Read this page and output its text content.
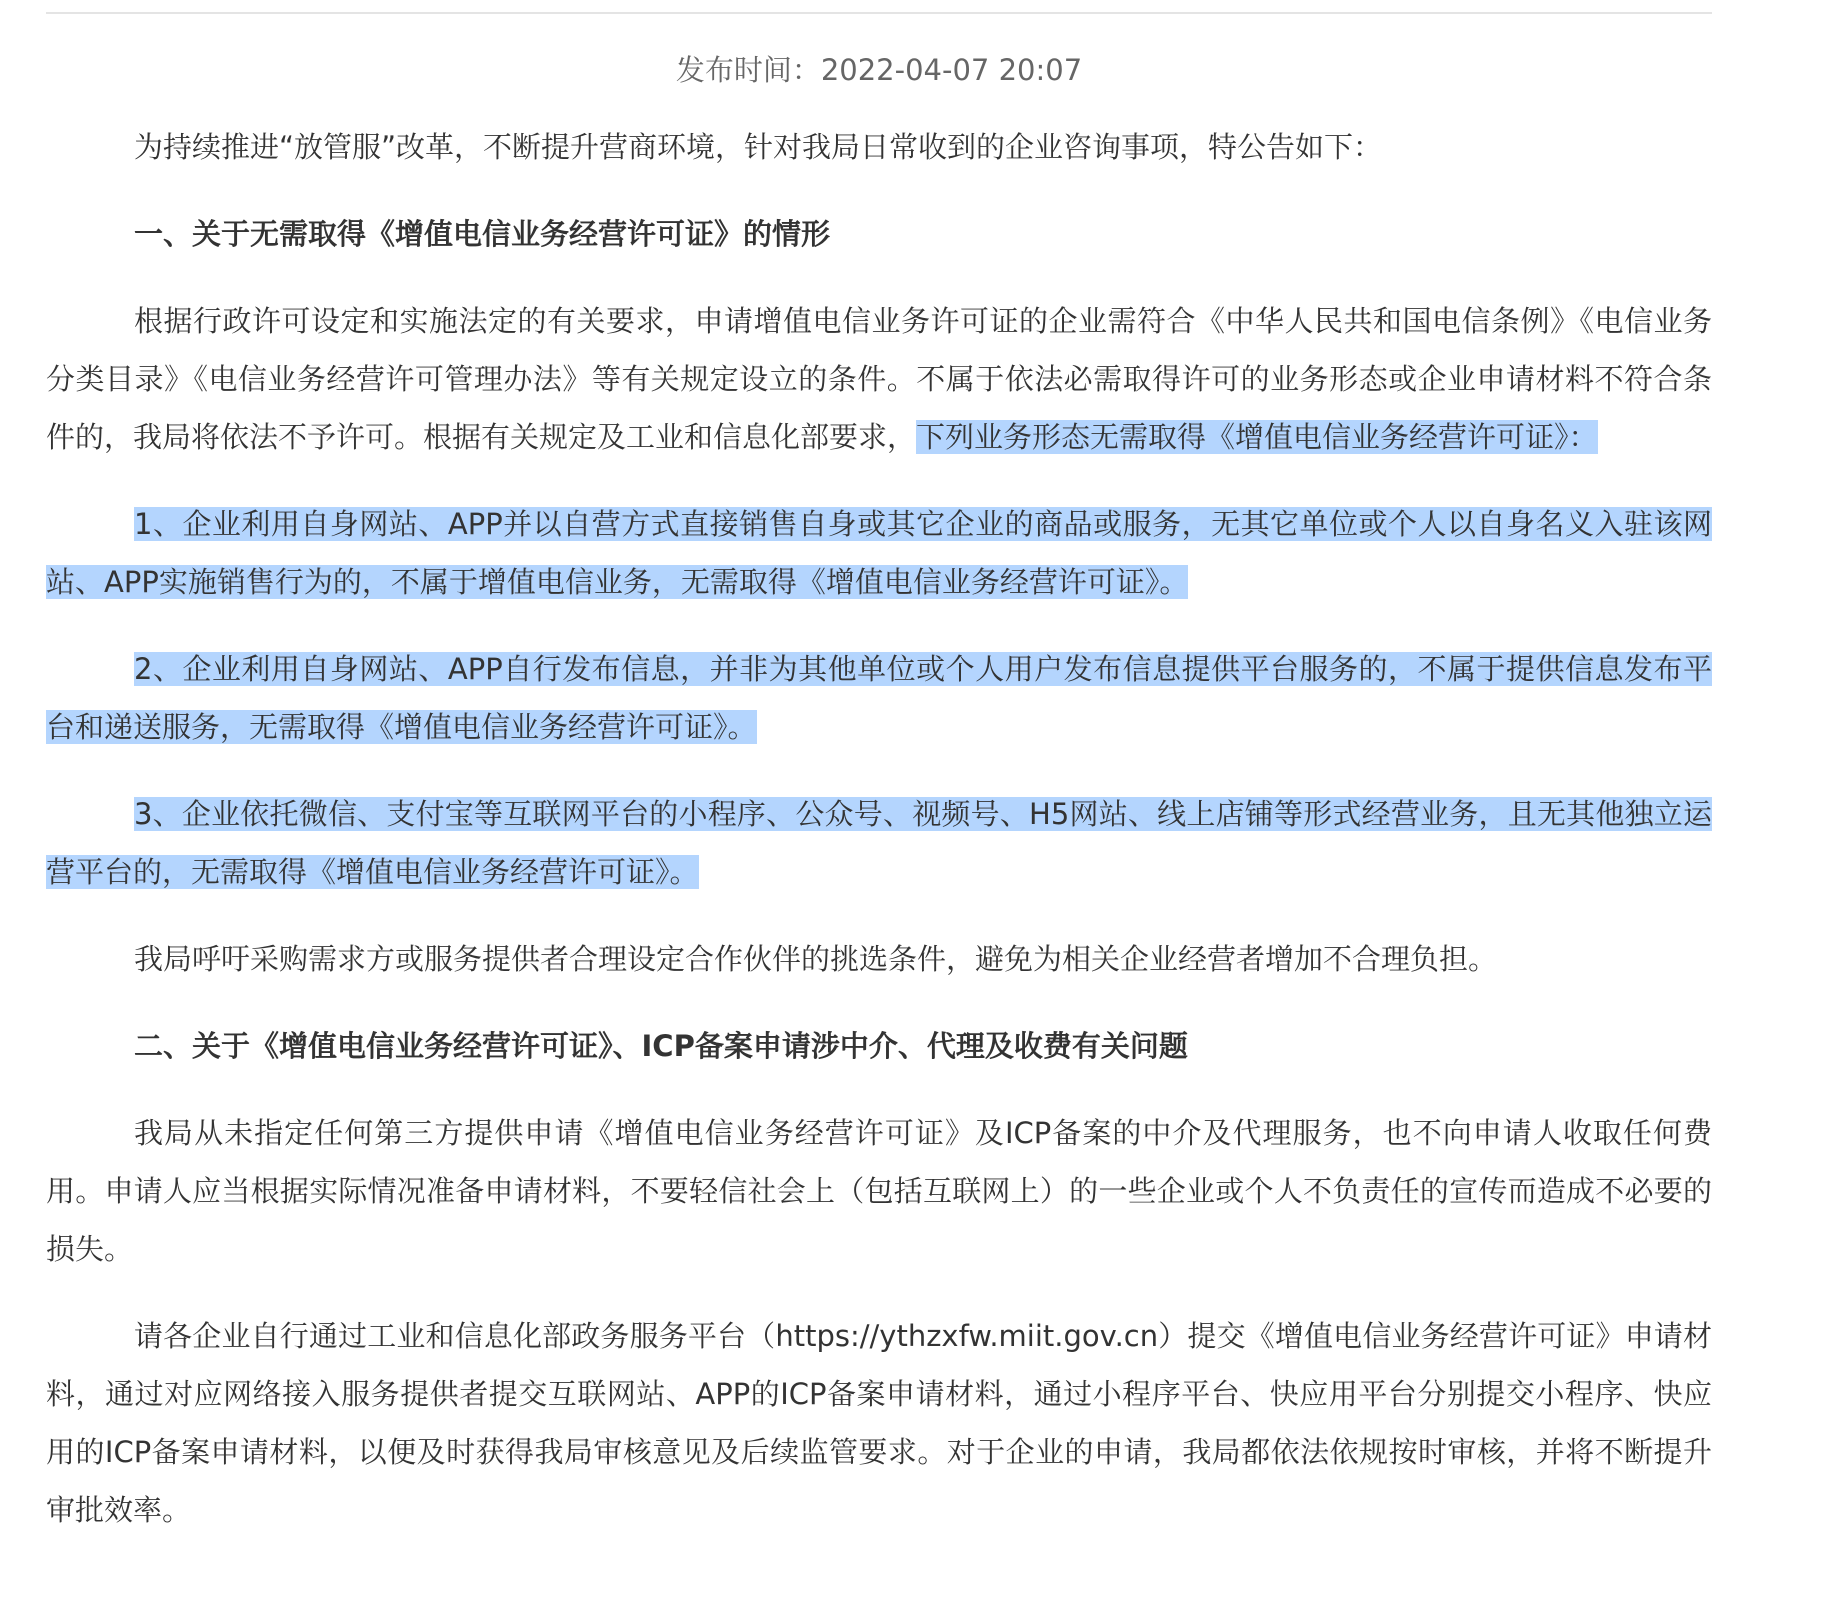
发布时间：2022-04-07 20:07

为持续推进“放管服”改革，不断提升营商环境，针对我局日常收到的企业咨询事项，特公告如下：

一、关于无需取得《增值电信业务经营许可证》的情形

根据行政许可设定和实施法定的有关要求，申请增值电信业务许可证的企业需符合《中华人民共和国电信条例》《电信业务分类目录》《电信业务经营许可管理办法》等有关规定设立的条件。不属于依法必需取得许可的业务形态或企业申请材料不符合条件的，我局将依法不予许可。根据有关规定及工业和信息化部要求，下列业务形态无需取得《增值电信业务经营许可证》：

1、企业利用自身网站、APP并以自营方式直接销售自身或其它企业的商品或服务，无其它单位或个人以自身名义入驻该网站、APP实施销售行为的，不属于增值电信业务，无需取得《增值电信业务经营许可证》。

2、企业利用自身网站、APP自行发布信息，并非为其他单位或个人用户发布信息提供平台服务的，不属于提供信息发布平台和递送服务，无需取得《增值电信业务经营许可证》。

3、企业依托微信、支付宝等互联网平台的小程序、公众号、视频号、H5网站、线上店铺等形式经营业务，且无其他独立运营平台的，无需取得《增值电信业务经营许可证》。

我局呼吁采购需求方或服务提供者合理设定合作伙伴的挑选条件，避免为相关企业经营者增加不合理负担。

二、关于《增值电信业务经营许可证》、ICP备案申请涉中介、代理及收费有关问题

我局从未指定任何第三方提供申请《增值电信业务经营许可证》及ICP备案的中介及代理服务，也不向申请人收取任何费用。申请人应当根据实际情况准备申请材料，不要轻信社会上（包括互联网上）的一些企业或个人不负责任的宣传而造成不必要的损失。

请各企业自行通过工业和信息化部政务服务平台（https://ythzxfw.miit.gov.cn）提交《增值电信业务经营许可证》申请材料，通过对应网络接入服务提供者提交互联网站、APP的ICP备案申请材料，通过小程序平台、快应用平台分别提交小程序、快应用的ICP备案申请材料，以便及时获得我局审核意见及后续监管要求。对于企业的申请，我局都依法依规按时审核，并将不断提升审批效率。
